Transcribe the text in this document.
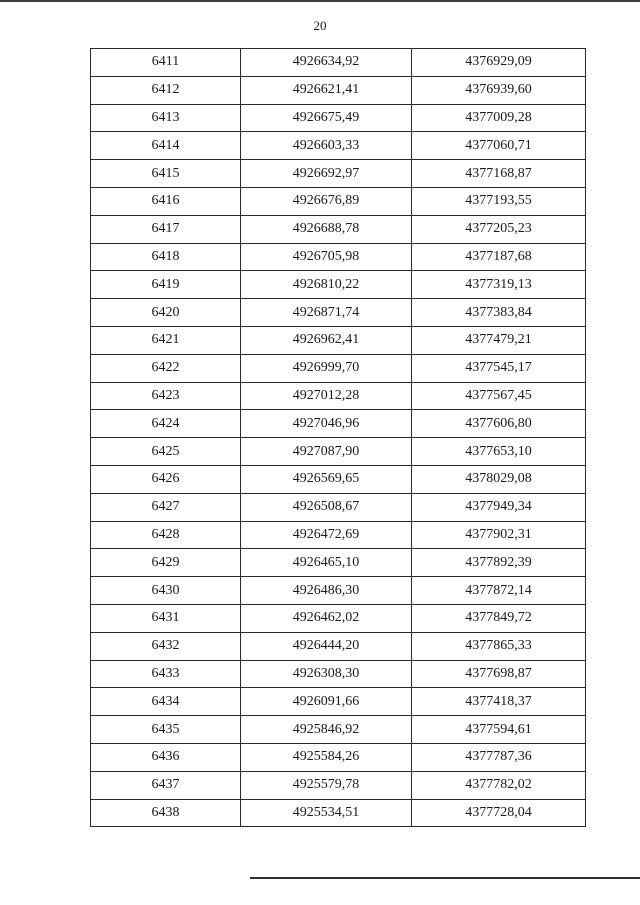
20
6411	4926634,92	4376929,09
6412	4926621,41	4376939,60
6413	4926675,49	4377009,28
6414	4926603,33	4377060,71
6415	4926692,97	4377168,87
6416	4926676,89	4377193,55
6417	4926688,78	4377205,23
6418	4926705,98	4377187,68
6419	4926810,22	4377319,13
6420	4926871,74	4377383,84
6421	4926962,41	4377479,21
6422	4926999,70	4377545,17
6423	4927012,28	4377567,45
6424	4927046,96	4377606,80
6425	4927087,90	4377653,10
6426	4926569,65	4378029,08
6427	4926508,67	4377949,34
6428	4926472,69	4377902,31
6429	4926465,10	4377892,39
6430	4926486,30	4377872,14
6431	4926462,02	4377849,72
6432	4926444,20	4377865,33
6433	4926308,30	4377698,87
6434	4926091,66	4377418,37
6435	4925846,92	4377594,61
6436	4925584,26	4377787,36
6437	4925579,78	4377782,02
6438	4925534,51	4377728,04
